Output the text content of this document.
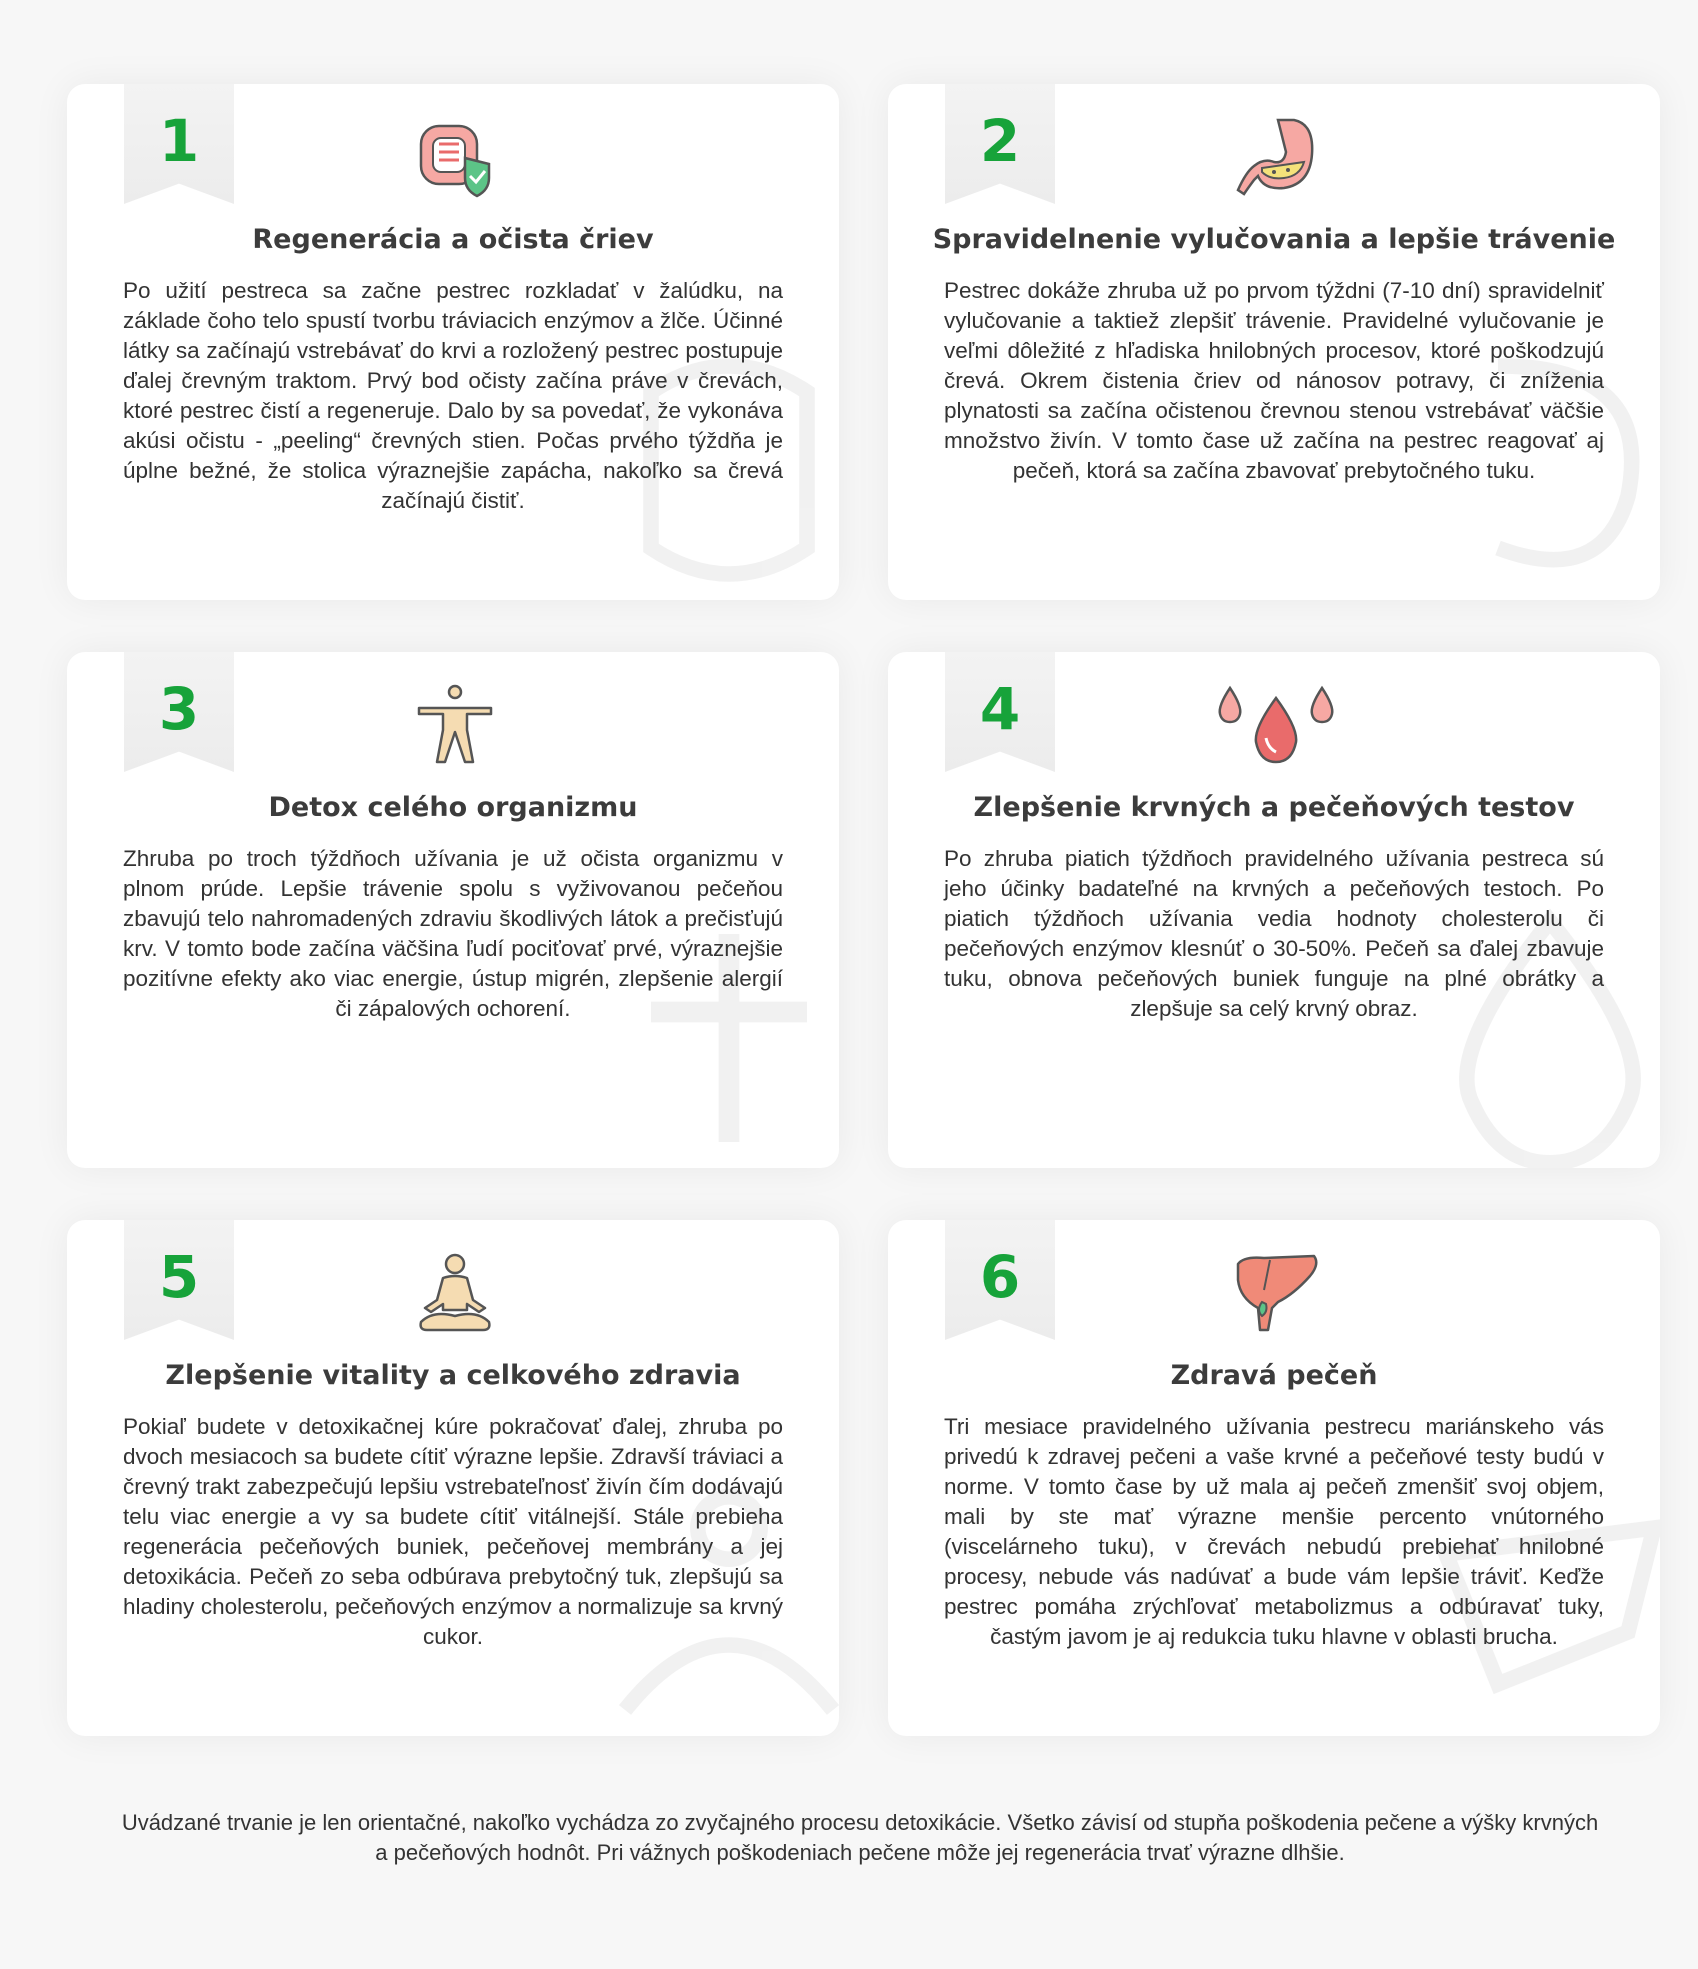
1
Regenerácia a očista čriev
Po užití pestreca sa začne pestrec rozkladať v žalúdku, na základe čoho telo spustí tvorbu tráviacich enzýmov a žlče. Účinné látky sa začínajú vstrebávať do krvi a rozložený pestrec postupuje ďalej črevným traktom. Prvý bod očisty začína práve v črevách, ktoré pestrec čistí a regeneruje. Dalo by sa povedať, že vykonáva akúsi očistu - „peeling“ črevných stien. Počas prvého týždňa je úplne bežné, že stolica výraznejšie zapácha, nakoľko sa črevá začínajú čistiť.
2
Spravidelnenie vylučovania a lepšie trávenie
Pestrec dokáže zhruba už po prvom týždni (7-10 dní) spravidelniť vylučovanie a taktiež zlepšiť trávenie. Pravidelné vylučovanie je veľmi dôležité z hľadiska hnilobných procesov, ktoré poškodzujú črevá. Okrem čistenia čriev od nánosov potravy, či zníženia plynatosti sa začína očistenou črevnou stenou vstrebávať väčšie množstvo živín. V tomto čase už začína na pestrec reagovať aj pečeň, ktorá sa začína zbavovať prebytočného tuku.
3
Detox celého organizmu
Zhruba po troch týždňoch užívania je už očista organizmu v plnom prúde. Lepšie trávenie spolu s vyživovanou pečeňou zbavujú telo nahromadených zdraviu škodlivých látok a prečisťujú krv. V tomto bode začína väčšina ľudí pociťovať prvé, výraznejšie pozitívne efekty ako viac energie, ústup migrén, zlepšenie alergií či zápalových ochorení.
4
Zlepšenie krvných a pečeňových testov
Po zhruba piatich týždňoch pravidelného užívania pestreca sú jeho účinky badateľné na krvných a pečeňových testoch. Po piatich týždňoch užívania vedia hodnoty cholesterolu či pečeňových enzýmov klesnúť o 30-50%. Pečeň sa ďalej zbavuje tuku, obnova pečeňových buniek funguje na plné obrátky a zlepšuje sa celý krvný obraz.
5
Zlepšenie vitality a celkového zdravia
Pokiaľ budete v detoxikačnej kúre pokračovať ďalej, zhruba po dvoch mesiacoch sa budete cítiť výrazne lepšie. Zdravší tráviaci a črevný trakt zabezpečujú lepšiu vstrebateľnosť živín čím dodávajú telu viac energie a vy sa budete cítiť vitálnejší. Stále prebieha regenerácia pečeňových buniek, pečeňovej membrány a jej detoxikácia. Pečeň zo seba odbúrava prebytočný tuk, zlepšujú sa hladiny cholesterolu, pečeňových enzýmov a normalizuje sa krvný cukor.
6
Zdravá pečeň
Tri mesiace pravidelného užívania pestrecu mariánskeho vás privedú k zdravej pečeni a vaše krvné a pečeňové testy budú v norme. V tomto čase by už mala aj pečeň zmenšiť svoj objem, mali by ste mať výrazne menšie percento vnútorného (viscelárneho tuku), v črevách nebudú prebiehať hnilobné procesy, nebude vás nadúvať a bude vám lepšie tráviť. Keďže pestrec pomáha zrýchľovať metabolizmus a odbúravať tuky, častým javom je aj redukcia tuku hlavne v oblasti brucha.
Uvádzané trvanie je len orientačné, nakoľko vychádza zo zvyčajného procesu detoxikácie. Všetko závisí od stupňa poškodenia pečene a výšky krvných a pečeňových hodnôt. Pri vážnych poškodeniach pečene môže jej regenerácia trvať výrazne dlhšie.
